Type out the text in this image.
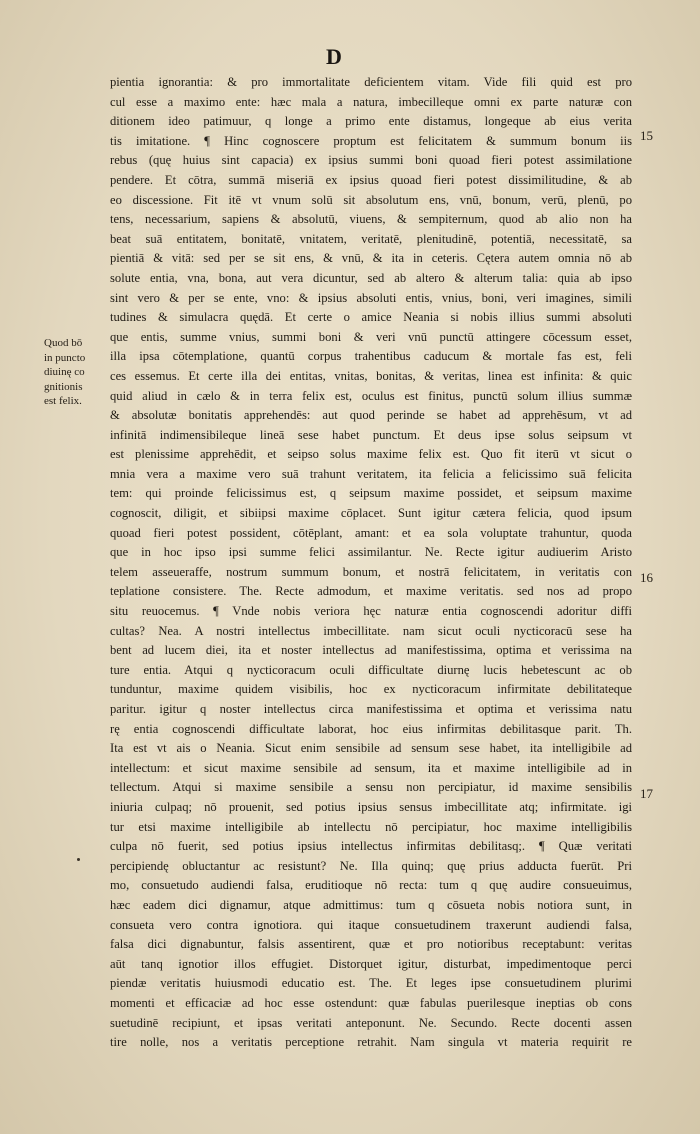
D
Quod bō
in puncto
diuinę co
gnitionis
est felix.
15
16
17
pientia ignorantia: & pro immortalitate deficientem vitam. Vide fili quid est pro
cul esse a maximo ente: hæc mala a natura, imbecilleque omni ex parte naturæ con
ditionem ideo patimuur, q longe a primo ente distamus, longeque ab eius verita
tis imitatione. ¶ Hinc cognoscere proptum est felicitatem & summum bonum iis
rebus (quę huius sint capacia) ex ipsius summi boni quoad fieri potest assimilatione
pendere. Et cōtra, summā miseriā ex ipsius quoad fieri potest dissimilitudine, & ab
eo discessione. Fit itē vt vnum solū sit absolutum ens, vnū, bonum, verū, plenū, po
tens, necessarium, sapiens & absolutū, viuens, & sempiternum, quod ab alio non ha
beat suā entitatem, bonitatē, vnitatem, veritatē, plenitudinē, potentiā, necessitatē, sa
pientiā & vitā: sed per se sit ens, & vnū, & ita in ceteris. Cętera autem omnia nō ab
solute entia, vna, bona, aut vera dicuntur, sed ab altero & alterum talia: quia ab ipso
sint vero & per se ente, vno: & ipsius absoluti entis, vnius, boni, veri imagines, simili
tudines & simulacra quędā. Et certe o amice Neania si nobis illius summi absoluti
que entis, summe vnius, summi boni & veri vnū punctū attingere cōcessum esset,
illa ipsa cōtemplatione, quantū corpus trahentibus caducum & mortale fas est, feli
ces essemus. Et certe illa dei entitas, vnitas, bonitas, & veritas, linea est infinita: & quic
quid aliud in cælo & in terra felix est, oculus est finitus, punctū solum illius summæ
& absolutæ bonitatis apprehendēs: aut quod perinde se habet ad apprehēsum, vt ad
infinitā indimensibileque lineā sese habet punctum. Et deus ipse solus seipsum vt
est plenissime apprehēdit, et seipso solus maxime felix est. Quo fit iterū vt sicut o
mnia vera a maxime vero suā trahunt veritatem, ita felicia a felicissimo suā felicita
tem: qui proinde felicissimus est, q seipsum maxime possidet, et seipsum maxime
cognoscit, diligit, et sibiipsi maxime cōplacet. Sunt igitur cætera felicia, quod ipsum
quoad fieri potest possident, cōtēplant, amant: et ea sola voluptate trahuntur, quoda
que in hoc ipso ipsi summe felici assimilantur. Ne. Recte igitur audiuerim Aristo
telem asseueraffe, nostrum summum bonum, et nostrā felicitatem, in veritatis con
teplatione consistere. The. Recte admodum, et maxime veritatis. sed nos ad propo
situ reuocemus. ¶ Vnde nobis veriora hęc naturæ entia cognoscendi adoritur diffi
cultas? Nea. A nostri intellectus imbecillitate. nam sicut oculi nycticoracū sese ha
bent ad lucem diei, ita et noster intellectus ad manifestissima, optima et verissima na
ture entia. Atqui q nycticoracum oculi difficultate diurnę lucis hebetescunt ac ob
tunduntur, maxime quidem visibilis, hoc ex nycticoracum infirmitate debilitateque
paritur. igitur q noster intellectus circa manifestissima et optima et verissima natu
rę entia cognoscendi difficultate laborat, hoc eius infirmitas debilitasque parit. Th.
Ita est vt ais o Neania. Sicut enim sensibile ad sensum sese habet, ita intelligibile ad
intellectum: et sicut maxime sensibile ad sensum, ita et maxime intelligibile ad in
tellectum. Atqui si maxime sensibile a sensu non percipiatur, id maxime sensibilis
iniuria culpaq; nō prouenit, sed potius ipsius sensus imbecillitate atq; infirmitate. igi
tur etsi maxime intelligibile ab intellectu nō percipiatur, hoc maxime intelligibilis
culpa nō fuerit, sed potius ipsius intellectus infirmitas debilitasq;. ¶ Quæ veritati
percipiendę obluctantur ac resistunt? Ne. Illa quinq; quę prius adducta fuerūt. Pri
mo, consuetudo audiendi falsa, eruditioque nō recta: tum q quę audire consueuimus,
hæc eadem dici dignamur, atque admittimus: tum q cōsueta nobis notiora sunt, in
consueta vero contra ignotiora. qui itaque consuetudinem traxerunt audiendi falsa,
falsa dici dignabuntur, falsis assentirent, quæ et pro notioribus receptabunt: veritas
aūt tanq ignotior illos effugiet. Distorquet igitur, disturbat, impedimentoque perci
piendæ veritatis huiusmodi educatio est. The. Et leges ipse consuetudinem plurimi
momenti et efficaciæ ad hoc esse ostendunt: quæ fabulas puerilesque ineptias ob cons
suetudinē recipiunt, et ipsas veritati anteponunt. Ne. Secundo. Recte docenti assen
tire nolle, nos a veritatis perceptione retrahit. Nam singula vt materia requirit re
